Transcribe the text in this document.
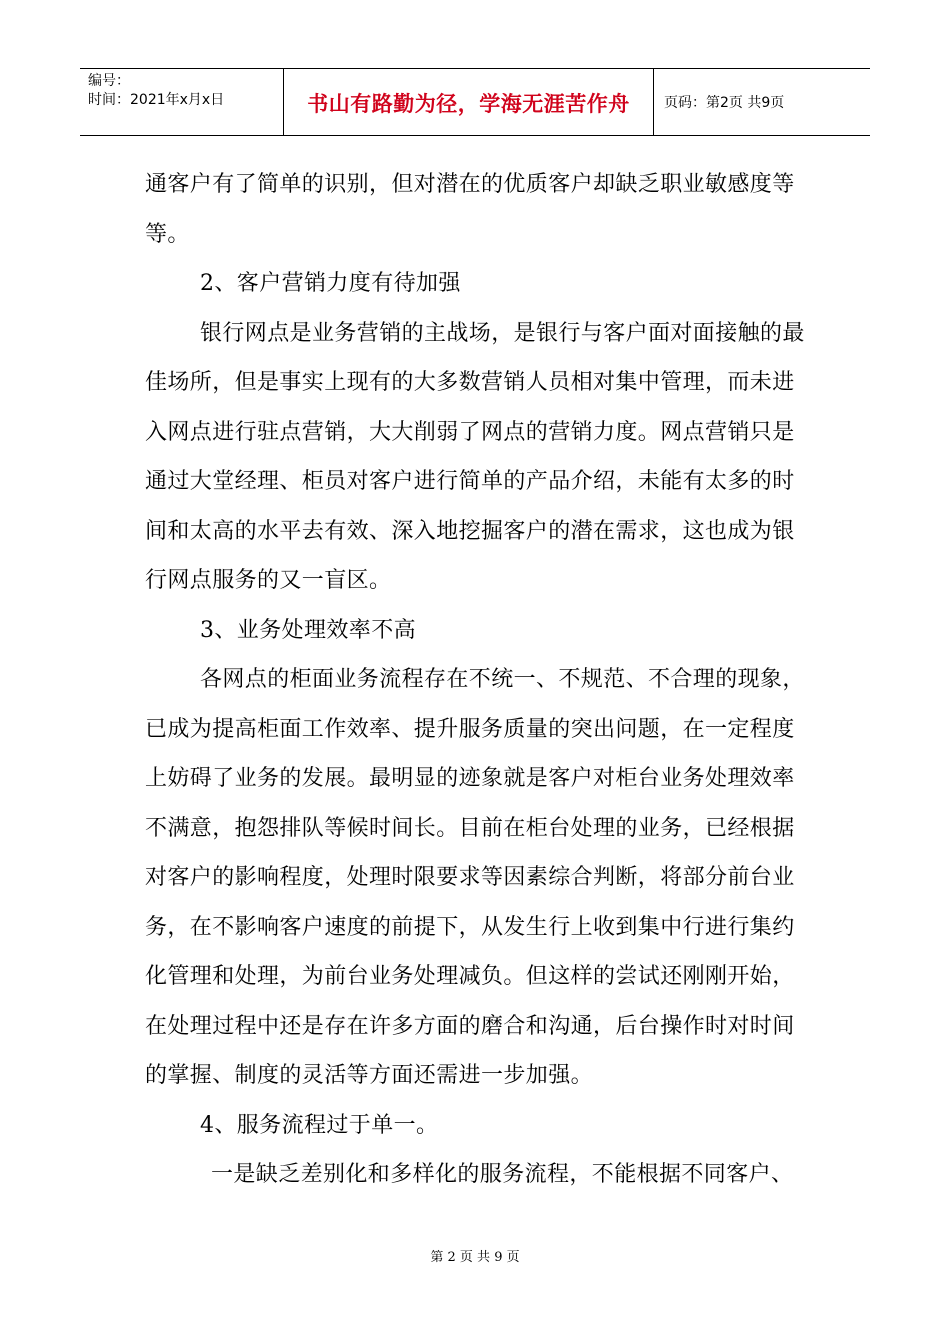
编号：
时间：2021年x月x日	书山有路勤为径，学海无涯苦作舟 页码：第2页 共9页

通客户有了简单的识别，但对潜在的优质客户却缺乏职业敏感度等等。

2、客户营销力度有待加强

银行网点是业务营销的主战场，是银行与客户面对面接触的最佳场所，但是事实上现有的大多数营销人员相对集中管理，而未进入网点进行驻点营销，大大削弱了网点的营销力度。网点营销只是通过大堂经理、柜员对客户进行简单的产品介绍，未能有太多的时间和太高的水平去有效、深入地挖掘客户的潜在需求，这也成为银行网点服务的又一盲区。

3、业务处理效率不高

各网点的柜面业务流程存在不统一、不规范、不合理的现象，已成为提高柜面工作效率、提升服务质量的突出问题，在一定程度上妨碍了业务的发展。最明显的迹象就是客户对柜台业务处理效率不满意，抱怨排队等候时间长。目前在柜台处理的业务，已经根据对客户的影响程度，处理时限要求等因素综合判断，将部分前台业务，在不影响客户速度的前提下，从发生行上收到集中行进行集约化管理和处理，为前台业务处理减负。但这样的尝试还刚刚开始，在处理过程中还是存在许多方面的磨合和沟通，后台操作时对时间的掌握、制度的灵活等方面还需进一步加强。

4、服务流程过于单一。

一是缺乏差别化和多样化的服务流程，不能根据不同客户、

第 2 页 共 9 页
